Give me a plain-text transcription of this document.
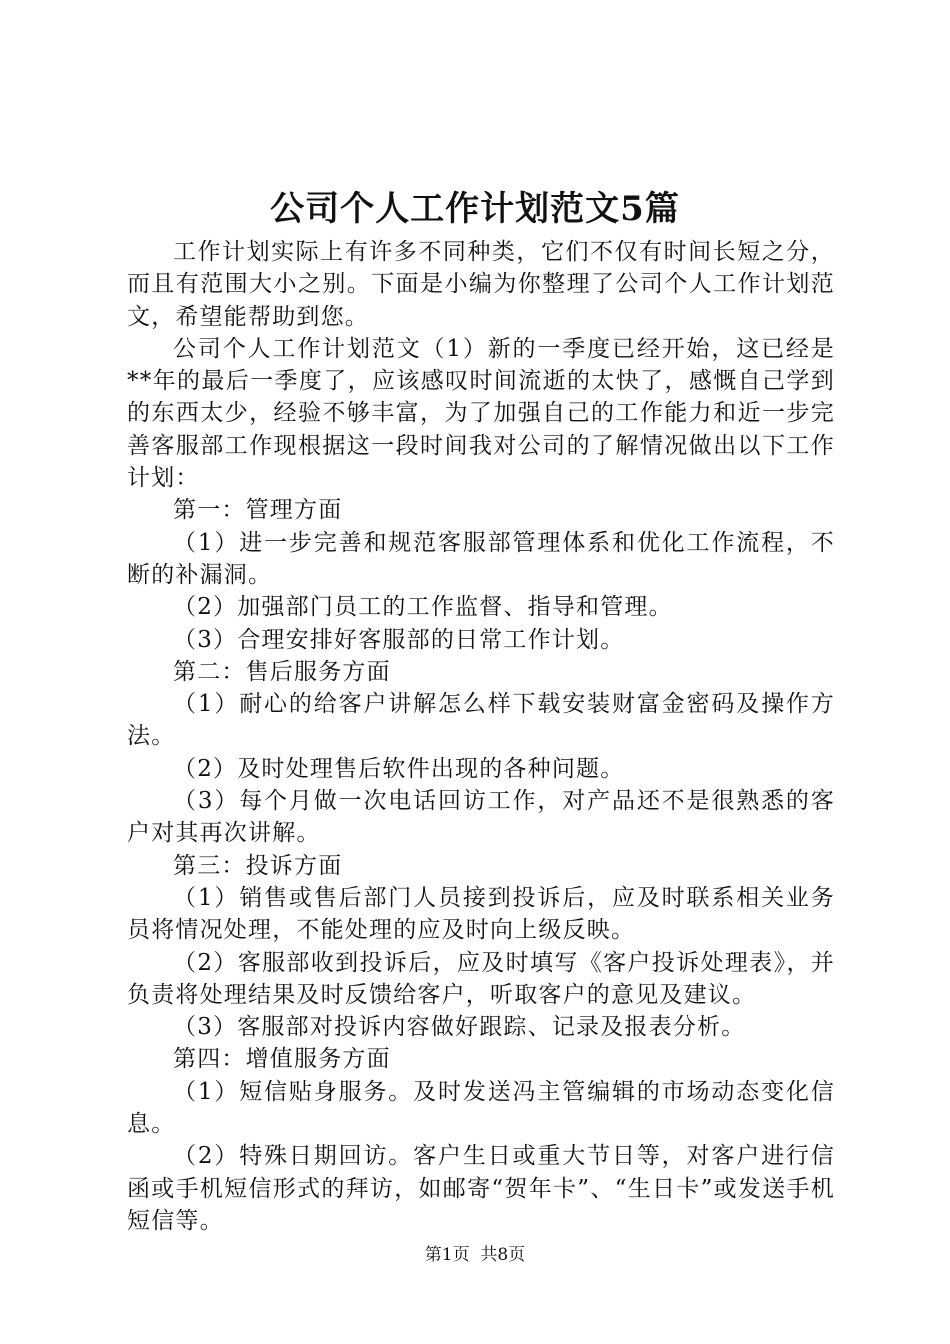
公司个人工作计划范文5篇

工作计划实际上有许多不同种类，它们不仅有时间长短之分，而且有范围大小之别。下面是小编为你整理了公司个人工作计划范文，希望能帮助到您。

公司个人工作计划范文（1）新的一季度已经开始，这已经是**年的最后一季度了，应该感叹时间流逝的太快了，感慨自己学到的东西太少，经验不够丰富，为了加强自己的工作能力和近一步完善客服部工作现根据这一段时间我对公司的了解情况做出以下工作计划：

第一：管理方面

（1）进一步完善和规范客服部管理体系和优化工作流程，不断的补漏洞。

（2）加强部门员工的工作监督、指导和管理。

（3）合理安排好客服部的日常工作计划。

第二：售后服务方面

（1）耐心的给客户讲解怎么样下载安装财富金密码及操作方法。

（2）及时处理售后软件出现的各种问题。

（3）每个月做一次电话回访工作，对产品还不是很熟悉的客户对其再次讲解。

第三：投诉方面

（1）销售或售后部门人员接到投诉后，应及时联系相关业务员将情况处理，不能处理的应及时向上级反映。

（2）客服部收到投诉后，应及时填写《客户投诉处理表》，并负责将处理结果及时反馈给客户，听取客户的意见及建议。

（3）客服部对投诉内容做好跟踪、记录及报表分析。

第四：增值服务方面

（1）短信贴身服务。及时发送冯主管编辑的市场动态变化信息。

（2）特殊日期回访。客户生日或重大节日等，对客户进行信函或手机短信形式的拜访，如邮寄“贺年卡”、“生日卡”或发送手机短信等。

第1页 共8页
